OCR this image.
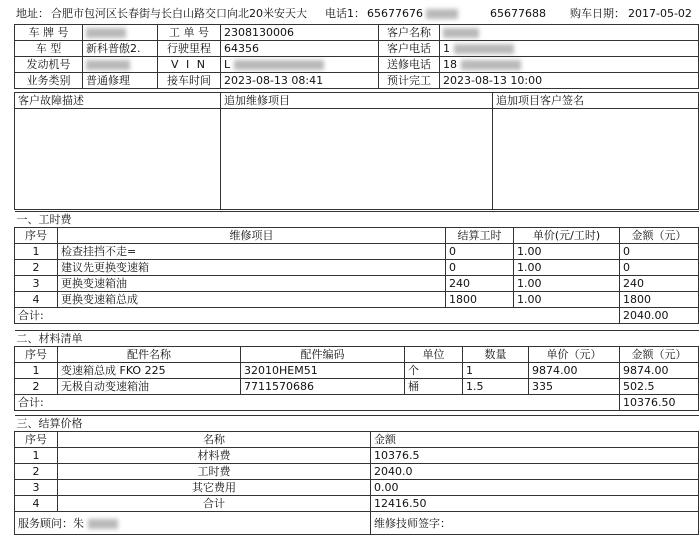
地址： 合肥市包河区长春街与长白山路交口向北20米安天大 电话1： 65677676	65677688 购车日期： 2017-05-02
车 牌 号		工 单 号	2308130006	客户名称	
车 型	新科普傲2.	行驶里程	64356	客户电话	1
发动机号		V I N	L	送修电话	18
业务类别	普通修理	接车时间	2023-08-13 08:41	预计完工	2023-08-13 10:00
客户故障描述	追加维修项目	追加项目客户签名

一、工时费				
序号	维修项目	结算工时	单价(元/工时)	金额（元）
1	检查挂挡不走=	0	1.00	0
2	建议先更换变速箱	0	1.00	0
3	更换变速箱油	240	1.00	240
4	更换变速箱总成	1800	1.00	1800
合计:				2040.00
二、材料清单						
序号	配件名称	配件编码	单位	数量	单价（元）	金额（元）
1	变速箱总成 FKO 225	32010HEM51	个	1	9874.00	9874.00
2	无极自动变速箱油	7711570686	桶	1.5	335	502.5
合计:						10376.50
三、结算价格		
序号	名称	金额
1	材料费	10376.5
2	工时费	2040.0
3	其它费用	0.00
4	合计	12416.50
服务顾问：朱		维修技师签字：
